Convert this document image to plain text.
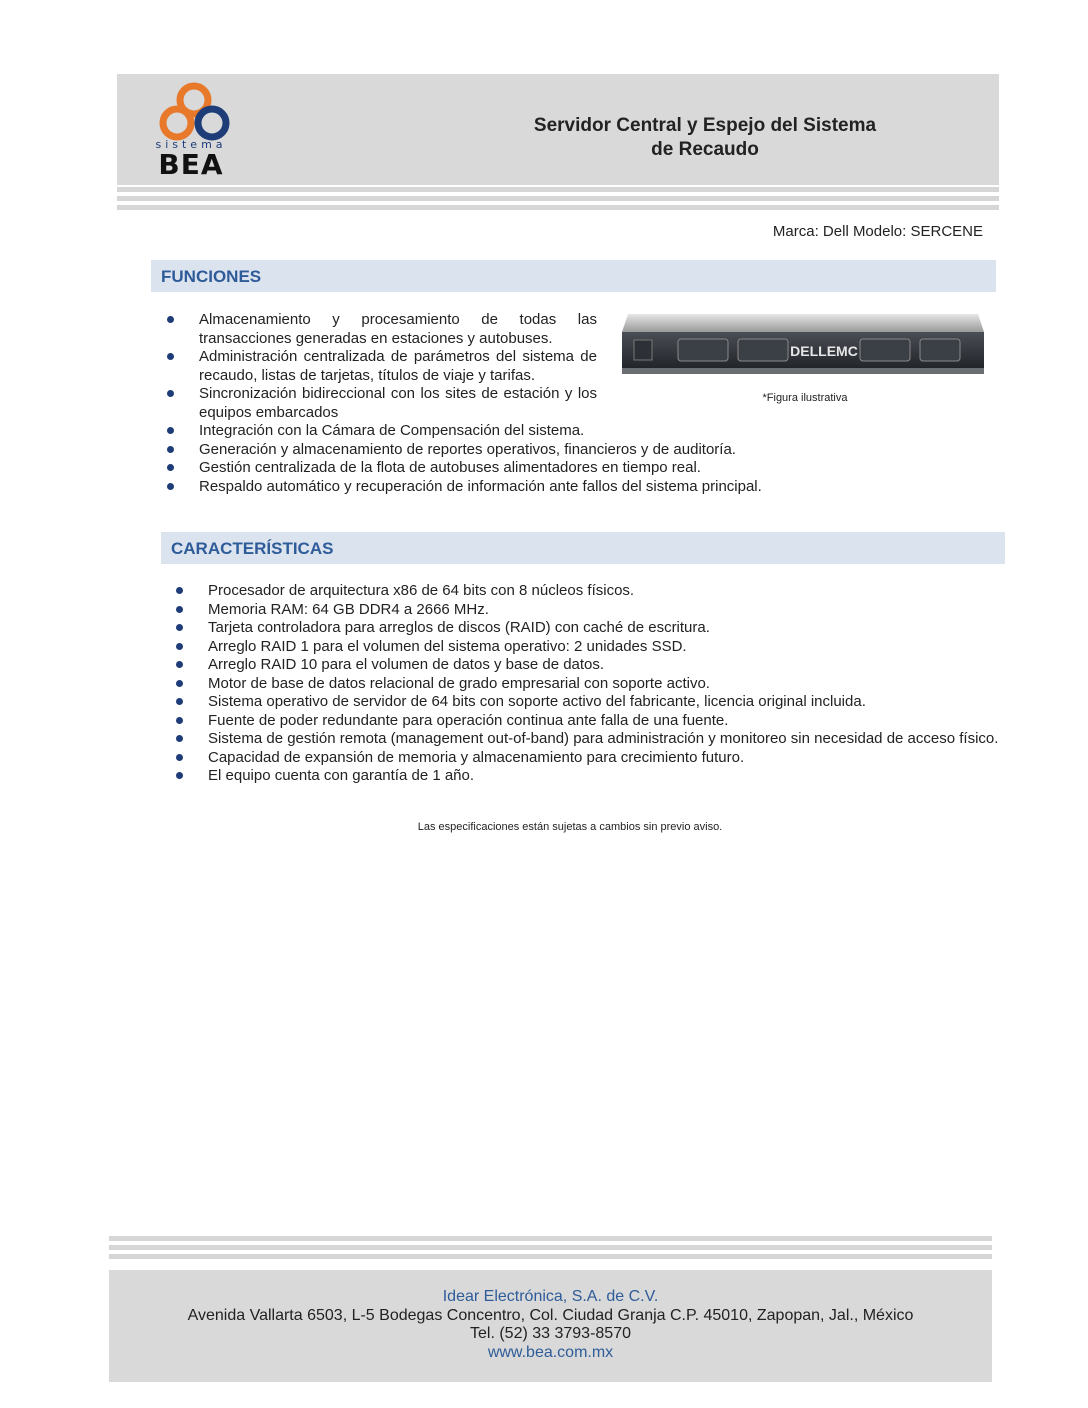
sistema
BEA
Servidor Central y Espejo del Sistema
de Recaudo
Marca: Dell Modelo: SERCENE
FUNCIONES
Almacenamiento y procesamiento de todas las transacciones generadas en estaciones y autobuses.
Administración centralizada de parámetros del sistema de recaudo, listas de tarjetas, títulos de viaje y tarifas.
Sincronización bidireccional con los sites de estación y los equipos embarcados
Integración con la Cámara de Compensación del sistema.
Generación y almacenamiento de reportes operativos, financieros y de auditoría.
Gestión centralizada de la flota de autobuses alimentadores en tiempo real.
Respaldo automático y recuperación de información ante fallos del sistema principal.
DELLEMC
*Figura ilustrativa
CARACTERÍSTICAS
Procesador de arquitectura x86 de 64 bits con 8 núcleos físicos.
Memoria RAM: 64 GB DDR4 a 2666 MHz.
Tarjeta controladora para arreglos de discos (RAID) con caché de escritura.
Arreglo RAID 1 para el volumen del sistema operativo: 2 unidades SSD.
Arreglo RAID 10 para el volumen de datos y base de datos.
Motor de base de datos relacional de grado empresarial con soporte activo.
Sistema operativo de servidor de 64 bits con soporte activo del fabricante, licencia original incluida.
Fuente de poder redundante para operación continua ante falla de una fuente.
Sistema de gestión remota (management out-of-band) para administración y monitoreo sin necesidad de acceso físico.
Capacidad de expansión de memoria y almacenamiento para crecimiento futuro.
El equipo cuenta con garantía de 1 año.
Las especificaciones están sujetas a cambios sin previo aviso.
Idear Electrónica, S.A. de C.V.
Avenida Vallarta 6503, L-5 Bodegas Concentro, Col. Ciudad Granja C.P. 45010, Zapopan, Jal., México
Tel. (52) 33 3793-8570
www.bea.com.mx
